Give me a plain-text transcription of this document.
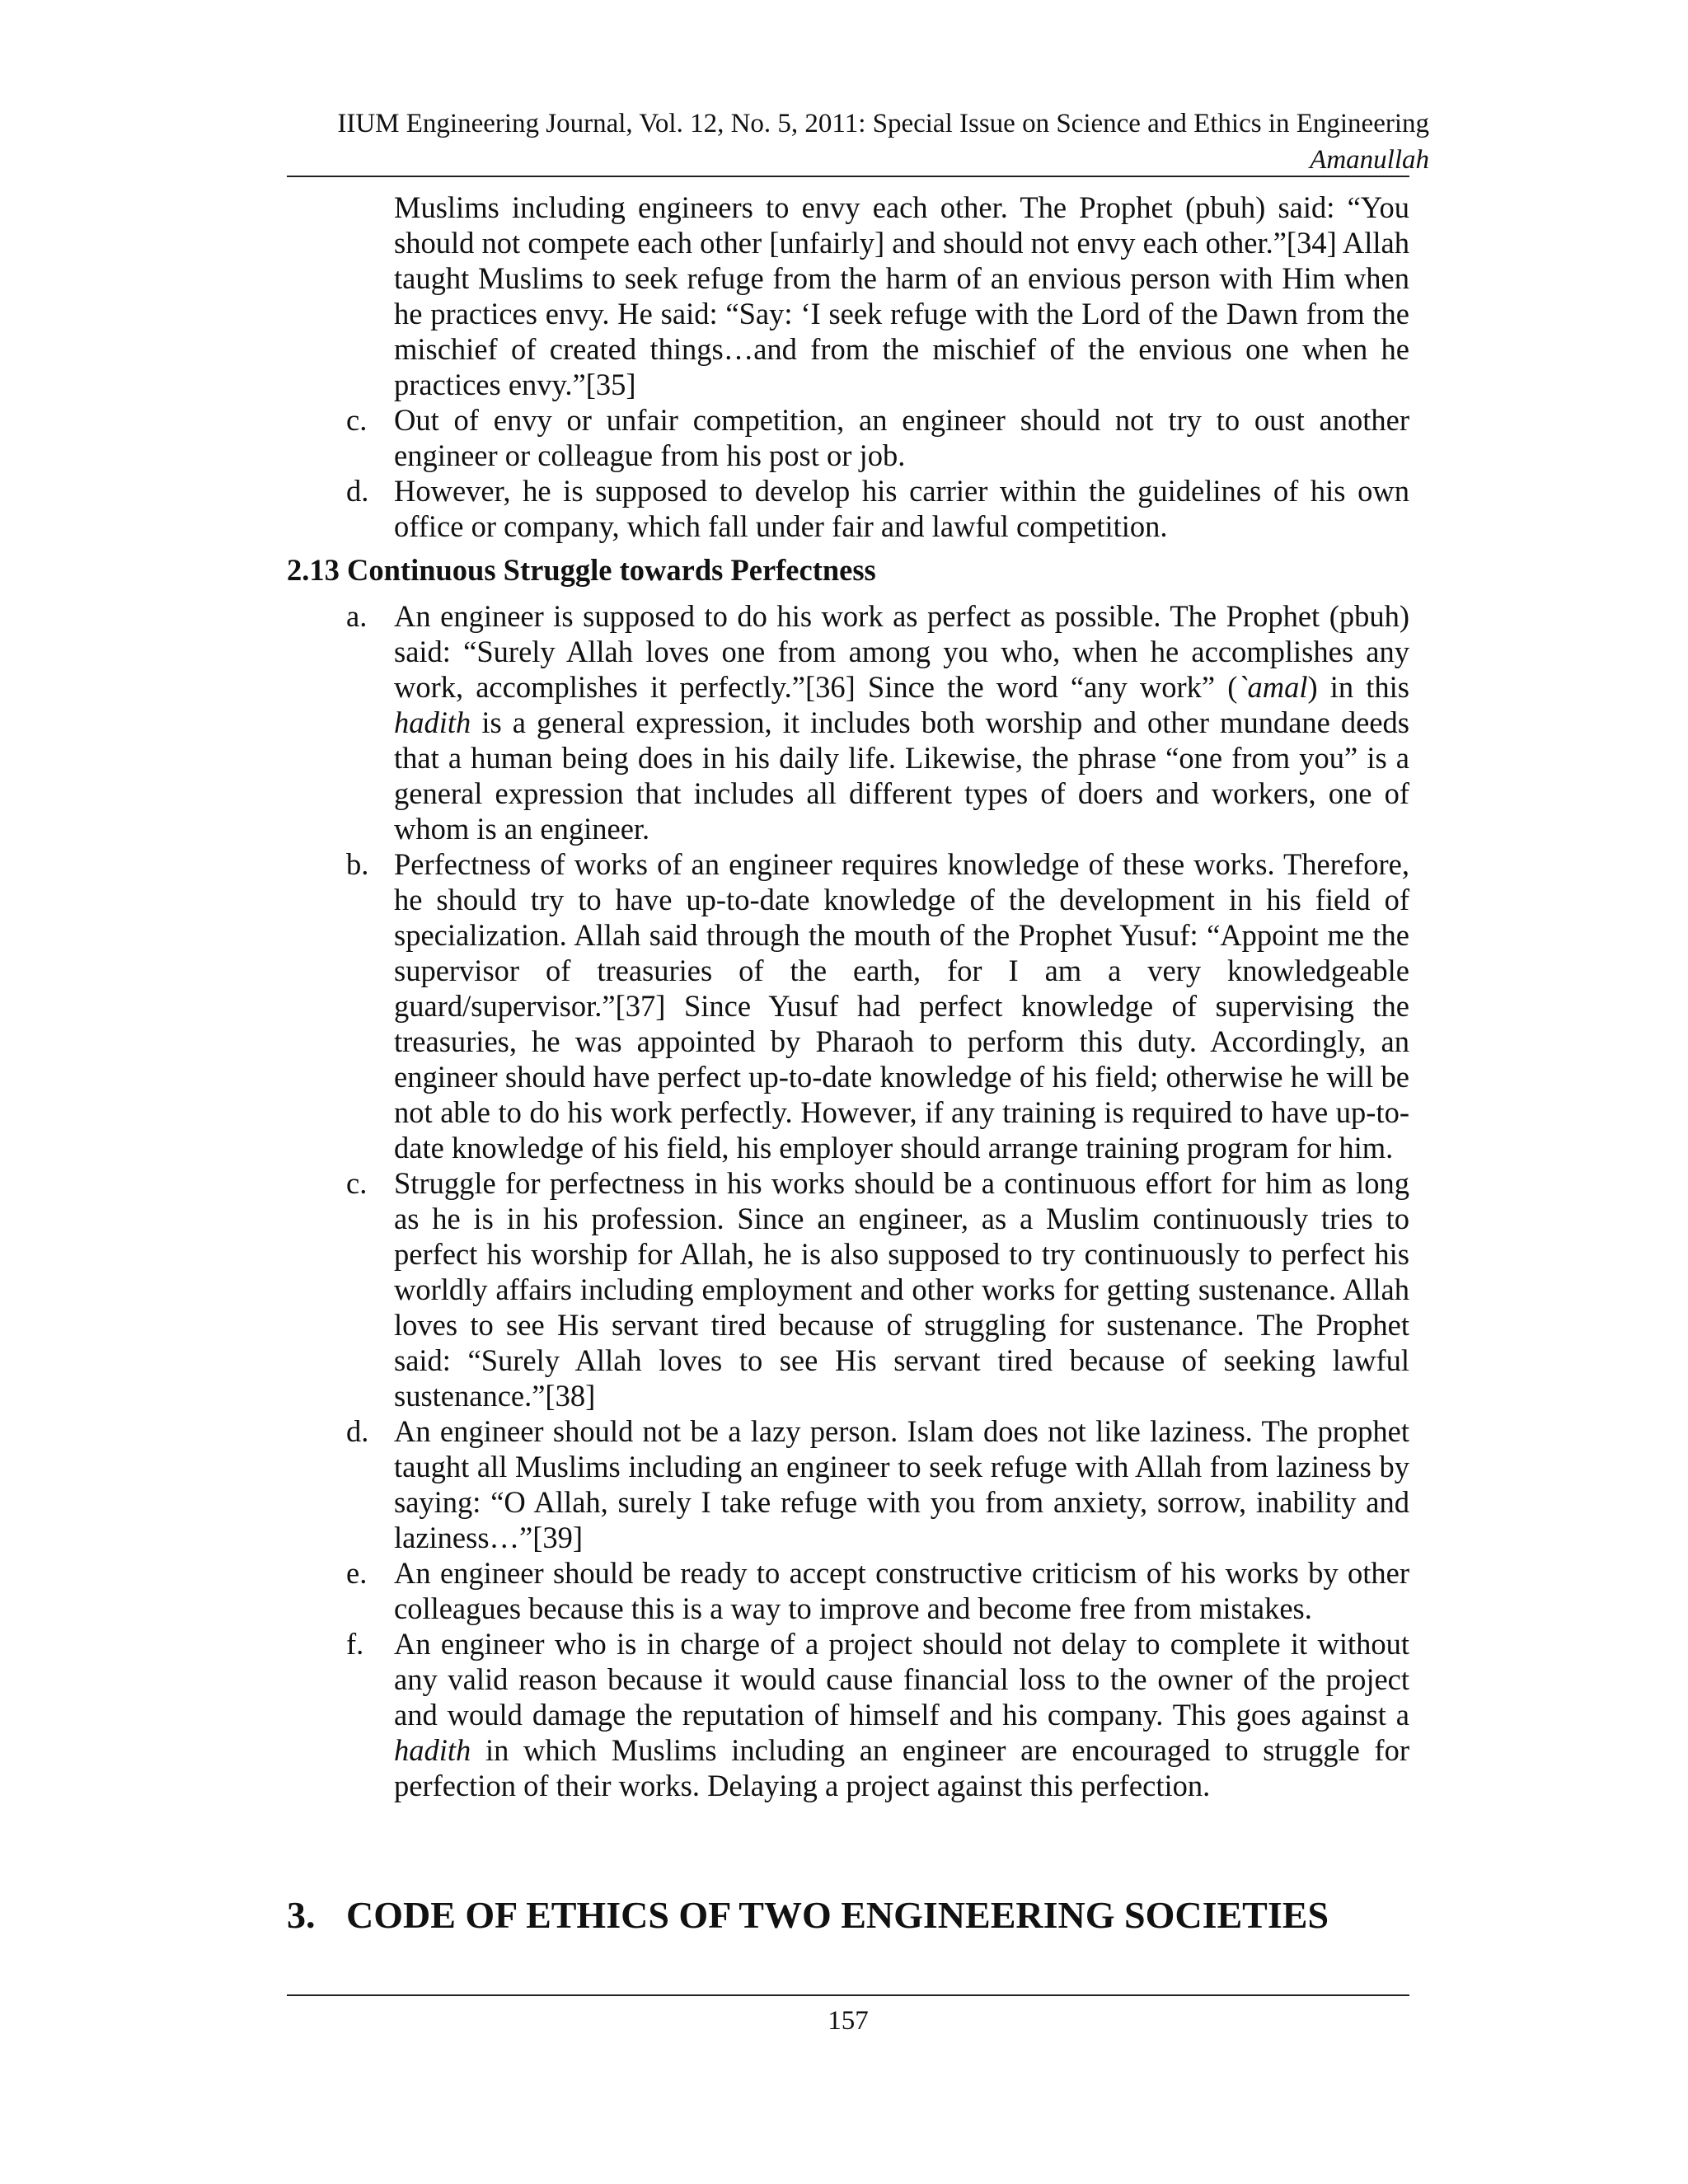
IIUM Engineering Journal, Vol. 12, No. 5, 2011: Special Issue on Science and Ethics in Engineering
Amanullah
Muslims including engineers to envy each other. The Prophet (pbuh) said: “You should not compete each other [unfairly] and should not envy each other.”[34] Allah taught Muslims to seek refuge from the harm of an envious person with Him when he practices envy. He said: “Say: ‘I seek refuge with the Lord of the Dawn from the mischief of created things…and from the mischief of the envious one when he practices envy.”[35]
c. Out of envy or unfair competition, an engineer should not try to oust another engineer or colleague from his post or job.
d. However, he is supposed to develop his carrier within the guidelines of his own office or company, which fall under fair and lawful competition.
2.13 Continuous Struggle towards Perfectness
a. An engineer is supposed to do his work as perfect as possible. The Prophet (pbuh) said: “Surely Allah loves one from among you who, when he accomplishes any work, accomplishes it perfectly.”[36] Since the word “any work” (`amal) in this hadith is a general expression, it includes both worship and other mundane deeds that a human being does in his daily life. Likewise, the phrase “one from you” is a general expression that includes all different types of doers and workers, one of whom is an engineer.
b. Perfectness of works of an engineer requires knowledge of these works. Therefore, he should try to have up-to-date knowledge of the development in his field of specialization. Allah said through the mouth of the Prophet Yusuf: “Appoint me the supervisor of treasuries of the earth, for I am a very knowledgeable guard/supervisor.”[37] Since Yusuf had perfect knowledge of supervising the treasuries, he was appointed by Pharaoh to perform this duty. Accordingly, an engineer should have perfect up-to-date knowledge of his field; otherwise he will be not able to do his work perfectly. However, if any training is required to have up-to-date knowledge of his field, his employer should arrange training program for him.
c. Struggle for perfectness in his works should be a continuous effort for him as long as he is in his profession. Since an engineer, as a Muslim continuously tries to perfect his worship for Allah, he is also supposed to try continuously to perfect his worldly affairs including employment and other works for getting sustenance. Allah loves to see His servant tired because of struggling for sustenance. The Prophet said: “Surely Allah loves to see His servant tired because of seeking lawful sustenance.”[38]
d. An engineer should not be a lazy person. Islam does not like laziness. The prophet taught all Muslims including an engineer to seek refuge with Allah from laziness by saying: “O Allah, surely I take refuge with you from anxiety, sorrow, inability and laziness…”[39]
e. An engineer should be ready to accept constructive criticism of his works by other colleagues because this is a way to improve and become free from mistakes.
f. An engineer who is in charge of a project should not delay to complete it without any valid reason because it would cause financial loss to the owner of the project and would damage the reputation of himself and his company. This goes against a hadith in which Muslims including an engineer are encouraged to struggle for perfection of their works. Delaying a project against this perfection.
3. CODE OF ETHICS OF TWO ENGINEERING SOCIETIES
157
